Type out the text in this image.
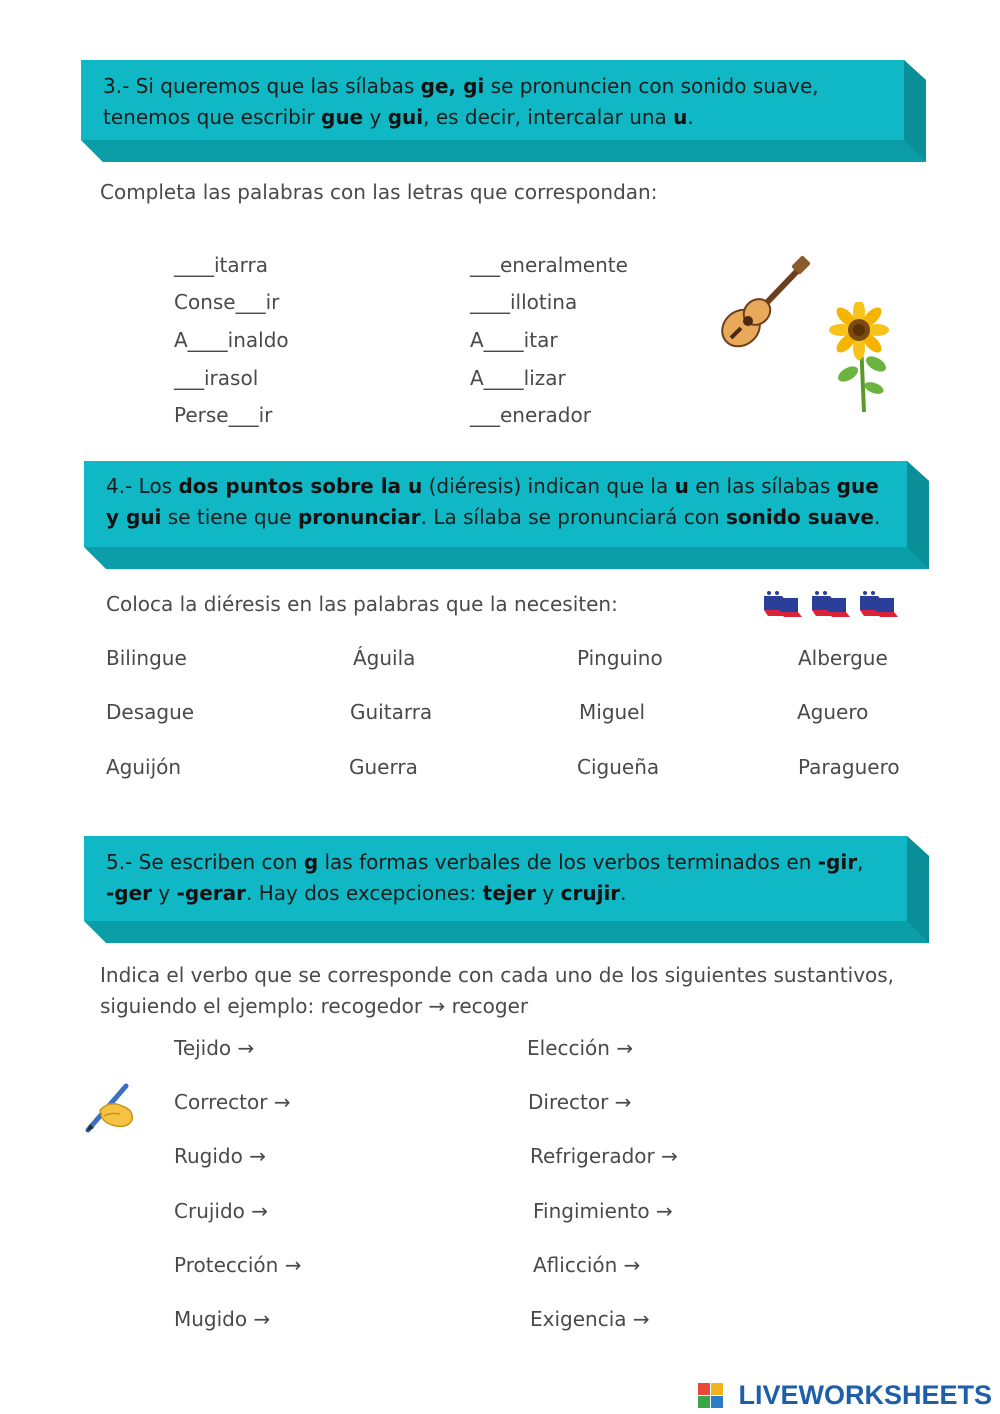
3.- Si queremos que las sílabas ge, gi se pronuncien con sonido suave,
tenemos que escribir gue y gui, es decir, intercalar una u.
Completa las palabras con las letras que correspondan:
____itarra
Conse___ir
A____inaldo
___irasol
Perse___ir
___eneralmente
____illotina
A____itar
A____lizar
___enerador
4.- Los dos puntos sobre la u (diéresis) indican que la u en las sílabas gue
y gui se tiene que pronunciar. La sílaba se pronunciará con sonido suave.
Coloca la diéresis en las palabras que la necesiten:
Bilingue
Desague
Aguijón
Águila
Guitarra
Guerra
Pinguino
Miguel
Cigueña
Albergue
Aguero
Paraguero
5.- Se escriben con g las formas verbales de los verbos terminados en -gir,
-ger y -gerar. Hay dos excepciones: tejer y crujir.
Indica el verbo que se corresponde con cada uno de los siguientes sustantivos,
siguiendo el ejemplo: recogedor → recoger
Tejido →
Corrector →
Rugido →
Crujido →
Protección →
Mugido →
Elección →
Director →
Refrigerador →
Fingimiento →
Aflicción →
Exigencia →
LIVEWORKSHEETS
